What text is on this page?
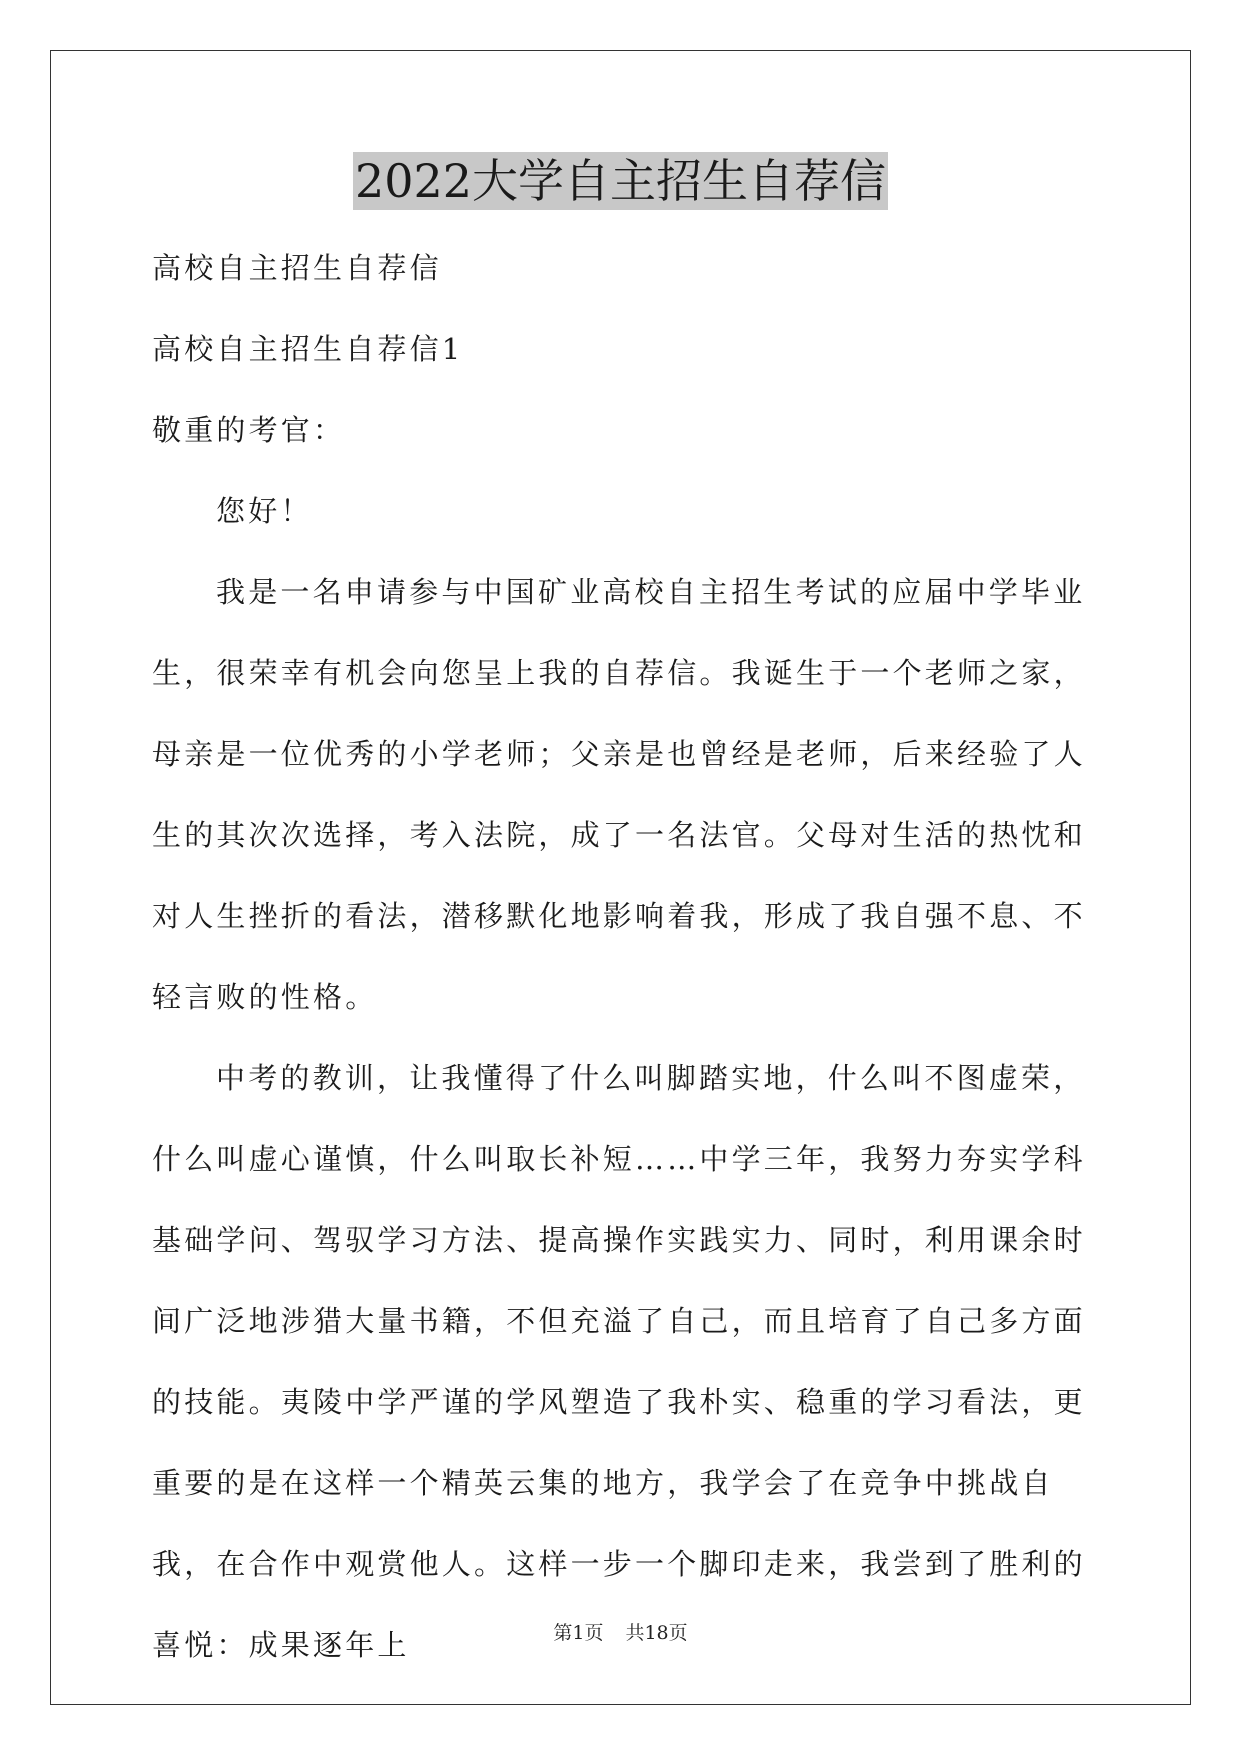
2022大学自主招生自荐信

高校自主招生自荐信

高校自主招生自荐信1

敬重的考官：

您好！

我是一名申请参与中国矿业高校自主招生考试的应届中学毕业生，很荣幸有机会向您呈上我的自荐信。我诞生于一个老师之家，母亲是一位优秀的小学老师；父亲是也曾经是老师，后来经验了人生的其次次选择，考入法院，成了一名法官。父母对生活的热忱和对人生挫折的看法，潜移默化地影响着我，形成了我自强不息、不轻言败的性格。

中考的教训，让我懂得了什么叫脚踏实地，什么叫不图虚荣，什么叫虚心谨慎，什么叫取长补短……中学三年，我努力夯实学科基础学问、驾驭学习方法、提高操作实践实力、同时，利用课余时间广泛地涉猎大量书籍，不但充溢了自己，而且培育了自己多方面的技能。夷陵中学严谨的学风塑造了我朴实、稳重的学习看法，更重要的是在这样一个精英云集的地方，我学会了在竞争中挑战自我，在合作中观赏他人。这样一步一个脚印走来，我尝到了胜利的喜悦：成果逐年上	第1页 共18页
